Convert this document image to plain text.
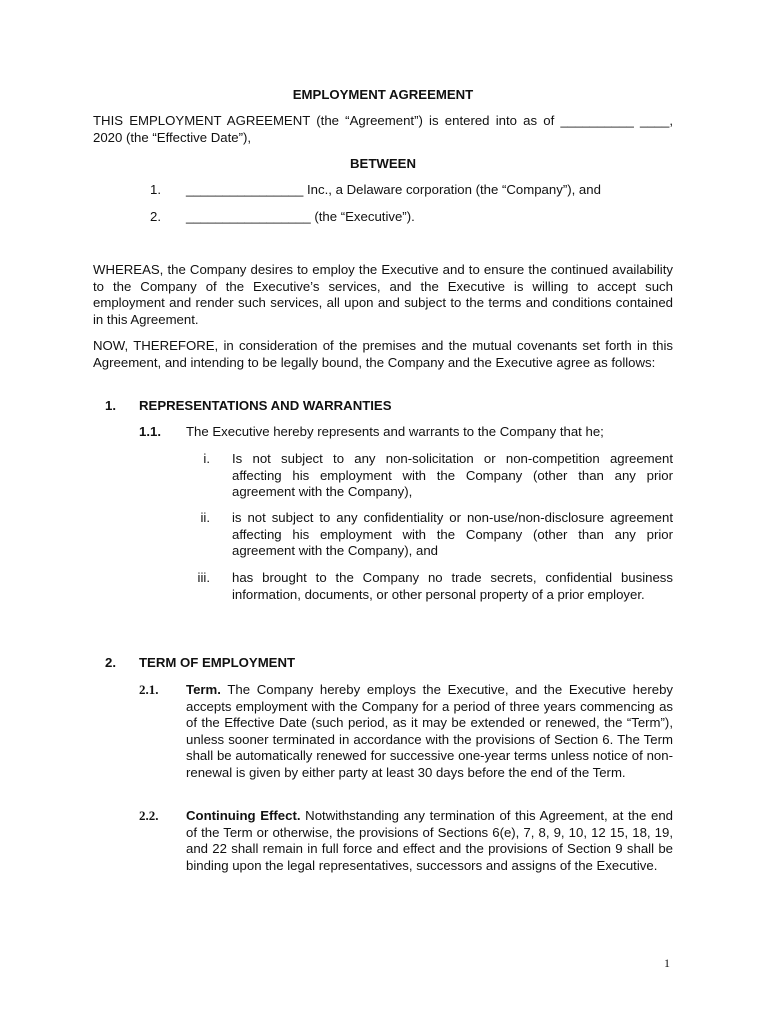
EMPLOYMENT AGREEMENT
THIS EMPLOYMENT AGREEMENT (the “Agreement”) is entered into as of __________ ____, 2020 (the “Effective Date”),
BETWEEN
1. ________________ Inc., a Delaware corporation (the “Company”), and
2. _________________ (the “Executive”).
WHEREAS, the Company desires to employ the Executive and to ensure the continued availability to the Company of the Executive’s services, and the Executive is willing to accept such employment and render such services, all upon and subject to the terms and conditions contained in this Agreement.
NOW, THEREFORE, in consideration of the premises and the mutual covenants set forth in this Agreement, and intending to be legally bound, the Company and the Executive agree as follows:
1. REPRESENTATIONS AND WARRANTIES
1.1. The Executive hereby represents and warrants to the Company that he;
i. Is not subject to any non-solicitation or non-competition agreement affecting his employment with the Company (other than any prior agreement with the Company),
ii. is not subject to any confidentiality or non-use/non-disclosure agreement affecting his employment with the Company (other than any prior agreement with the Company), and
iii. has brought to the Company no trade secrets, confidential business information, documents, or other personal property of a prior employer.
2. TERM OF EMPLOYMENT
2.1. Term. The Company hereby employs the Executive, and the Executive hereby accepts employment with the Company for a period of three years commencing as of the Effective Date (such period, as it may be extended or renewed, the “Term”), unless sooner terminated in accordance with the provisions of Section 6. The Term shall be automatically renewed for successive one-year terms unless notice of non-renewal is given by either party at least 30 days before the end of the Term.
2.2. Continuing Effect. Notwithstanding any termination of this Agreement, at the end of the Term or otherwise, the provisions of Sections 6(e), 7, 8, 9, 10, 12 15, 18, 19, and 22 shall remain in full force and effect and the provisions of Section 9 shall be binding upon the legal representatives, successors and assigns of the Executive.
1
